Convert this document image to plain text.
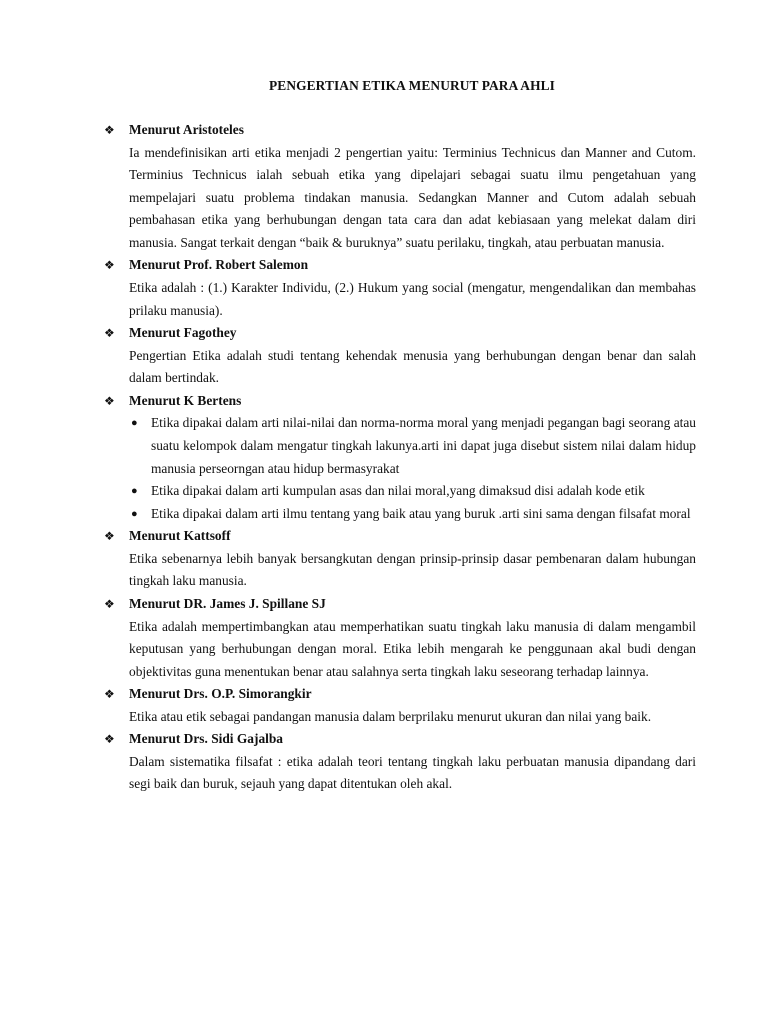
PENGERTIAN ETIKA MENURUT PARA AHLI
❖ Menurut Aristoteles

Ia mendefinisikan arti etika menjadi 2 pengertian yaitu: Terminius Technicus dan Manner and Cutom. Terminius Technicus ialah sebuah etika yang dipelajari sebagai suatu ilmu pengetahuan yang mempelajari suatu problema tindakan manusia. Sedangkan Manner and Cutom adalah sebuah pembahasan etika yang berhubungan dengan tata cara dan adat kebiasaan yang melekat dalam diri manusia. Sangat terkait dengan “baik & buruknya” suatu perilaku, tingkah, atau perbuatan manusia.

❖ Menurut Prof. Robert Salemon

Etika adalah : (1.) Karakter Individu, (2.) Hukum yang social (mengatur, mengendalikan dan membahas prilaku manusia).

❖ Menurut Fagothey

Pengertian Etika adalah studi tentang kehendak menusia yang berhubungan dengan benar dan salah dalam bertindak.

❖ Menurut K Bertens
● Etika dipakai dalam arti nilai-nilai dan norma-norma moral yang menjadi pegangan bagi seorang atau suatu kelompok dalam mengatur tingkah lakunya.arti ini dapat juga disebut sistem nilai dalam hidup manusia perseorngan atau hidup bermasyrakat
● Etika dipakai dalam arti kumpulan asas dan nilai moral,yang dimaksud disi adalah kode etik
● Etika dipakai dalam arti ilmu tentang yang baik atau yang buruk .arti sini sama dengan filsafat moral
❖ Menurut Kattsoff

Etika sebenarnya lebih banyak bersangkutan dengan prinsip-prinsip dasar pembenaran dalam hubungan tingkah laku manusia.

❖ Menurut DR. James J. Spillane SJ

Etika adalah mempertimbangkan atau memperhatikan suatu tingkah laku manusia di dalam mengambil keputusan yang berhubungan dengan moral. Etika lebih mengarah ke penggunaan akal budi dengan objektivitas guna menentukan benar atau salahnya serta tingkah laku seseorang terhadap lainnya.

❖ Menurut Drs. O.P. Simorangkir

Etika atau etik sebagai pandangan manusia dalam berprilaku menurut ukuran dan nilai yang baik.

❖ Menurut Drs. Sidi Gajalba

Dalam sistematika filsafat : etika adalah teori tentang tingkah laku perbuatan manusia dipandang dari segi baik dan buruk, sejauh yang dapat ditentukan oleh akal.
